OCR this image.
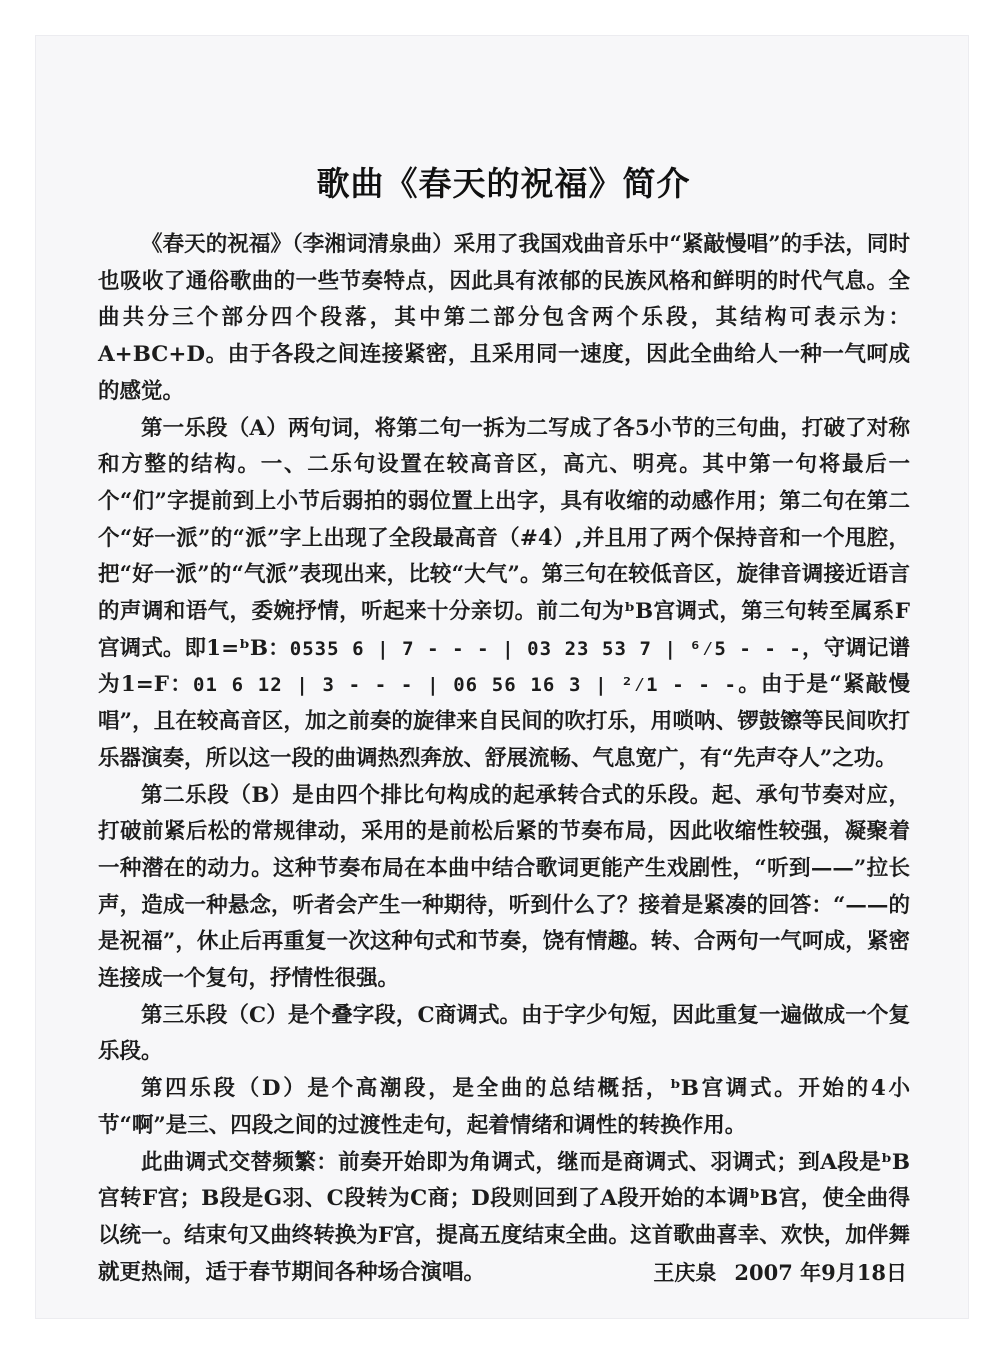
歌曲《春天的祝福》简介

《春天的祝福》（李湘词清泉曲）采用了我国戏曲音乐中“紧敲慢唱”的手法，同时也吸收了通俗歌曲的一些节奏特点，因此具有浓郁的民族风格和鲜明的时代气息。全曲共分三个部分四个段落，其中第二部分包含两个乐段，其结构可表示为：A+BC+D。由于各段之间连接紧密，且采用同一速度，因此全曲给人一种一气呵成的感觉。

第一乐段（A）两句词，将第二句一拆为二写成了各5小节的三句曲，打破了对称和方整的结构。一、二乐句设置在较高音区，高亢、明亮。其中第一句将最后一个“们”字提前到上小节后弱拍的弱位置上出字，具有收缩的动感作用；第二句在第二个“好一派”的“派”字上出现了全段最高音（#4̇）,并且用了两个保持音和一个甩腔，把“好一派”的“气派”表现出来，比较“大气”。第三句在较低音区，旋律音调接近语言的声调和语气，委婉抒情，听起来十分亲切。前二句为ᵇB宫调式，第三句转至属系F宫调式。即1=ᵇB：0535 6 | 7 - - - | 03 23 53 7 | ⁶⁄5 - - -，守调记谱为1=F：01 6 12 | 3 - - - | 06 56 16 3 | ²⁄1 - - -。由于是“紧敲慢唱”，且在较高音区，加之前奏的旋律来自民间的吹打乐，用唢呐、锣鼓镲等民间吹打乐器演奏，所以这一段的曲调热烈奔放、舒展流畅、气息宽广，有“先声夺人”之功。

第二乐段（B）是由四个排比句构成的起承转合式的乐段。起、承句节奏对应，打破前紧后松的常规律动，采用的是前松后紧的节奏布局，因此收缩性较强，凝聚着一种潜在的动力。这种节奏布局在本曲中结合歌词更能产生戏剧性，“听到——”拉长声，造成一种悬念，听者会产生一种期待，听到什么了？接着是紧凑的回答：“——的是祝福”，休止后再重复一次这种句式和节奏，饶有情趣。转、合两句一气呵成，紧密连接成一个复句，抒情性很强。

第三乐段（C）是个叠字段，C商调式。由于字少句短，因此重复一遍做成一个复乐段。

第四乐段（D）是个高潮段，是全曲的总结概括，ᵇB宫调式。开始的4小节“啊”是三、四段之间的过渡性走句，起着情绪和调性的转换作用。

此曲调式交替频繁：前奏开始即为角调式，继而是商调式、羽调式；到A段是ᵇB宫转F宫；B段是G羽、C段转为C商；D段则回到了A段开始的本调ᵇB宫，使全曲得以统一。结束句又曲终转换为F宫，提高五度结束全曲。这首歌曲喜幸、欢快，加伴舞就更热闹，适于春节期间各种场合演唱。	王庆泉 2007 年9月18日
